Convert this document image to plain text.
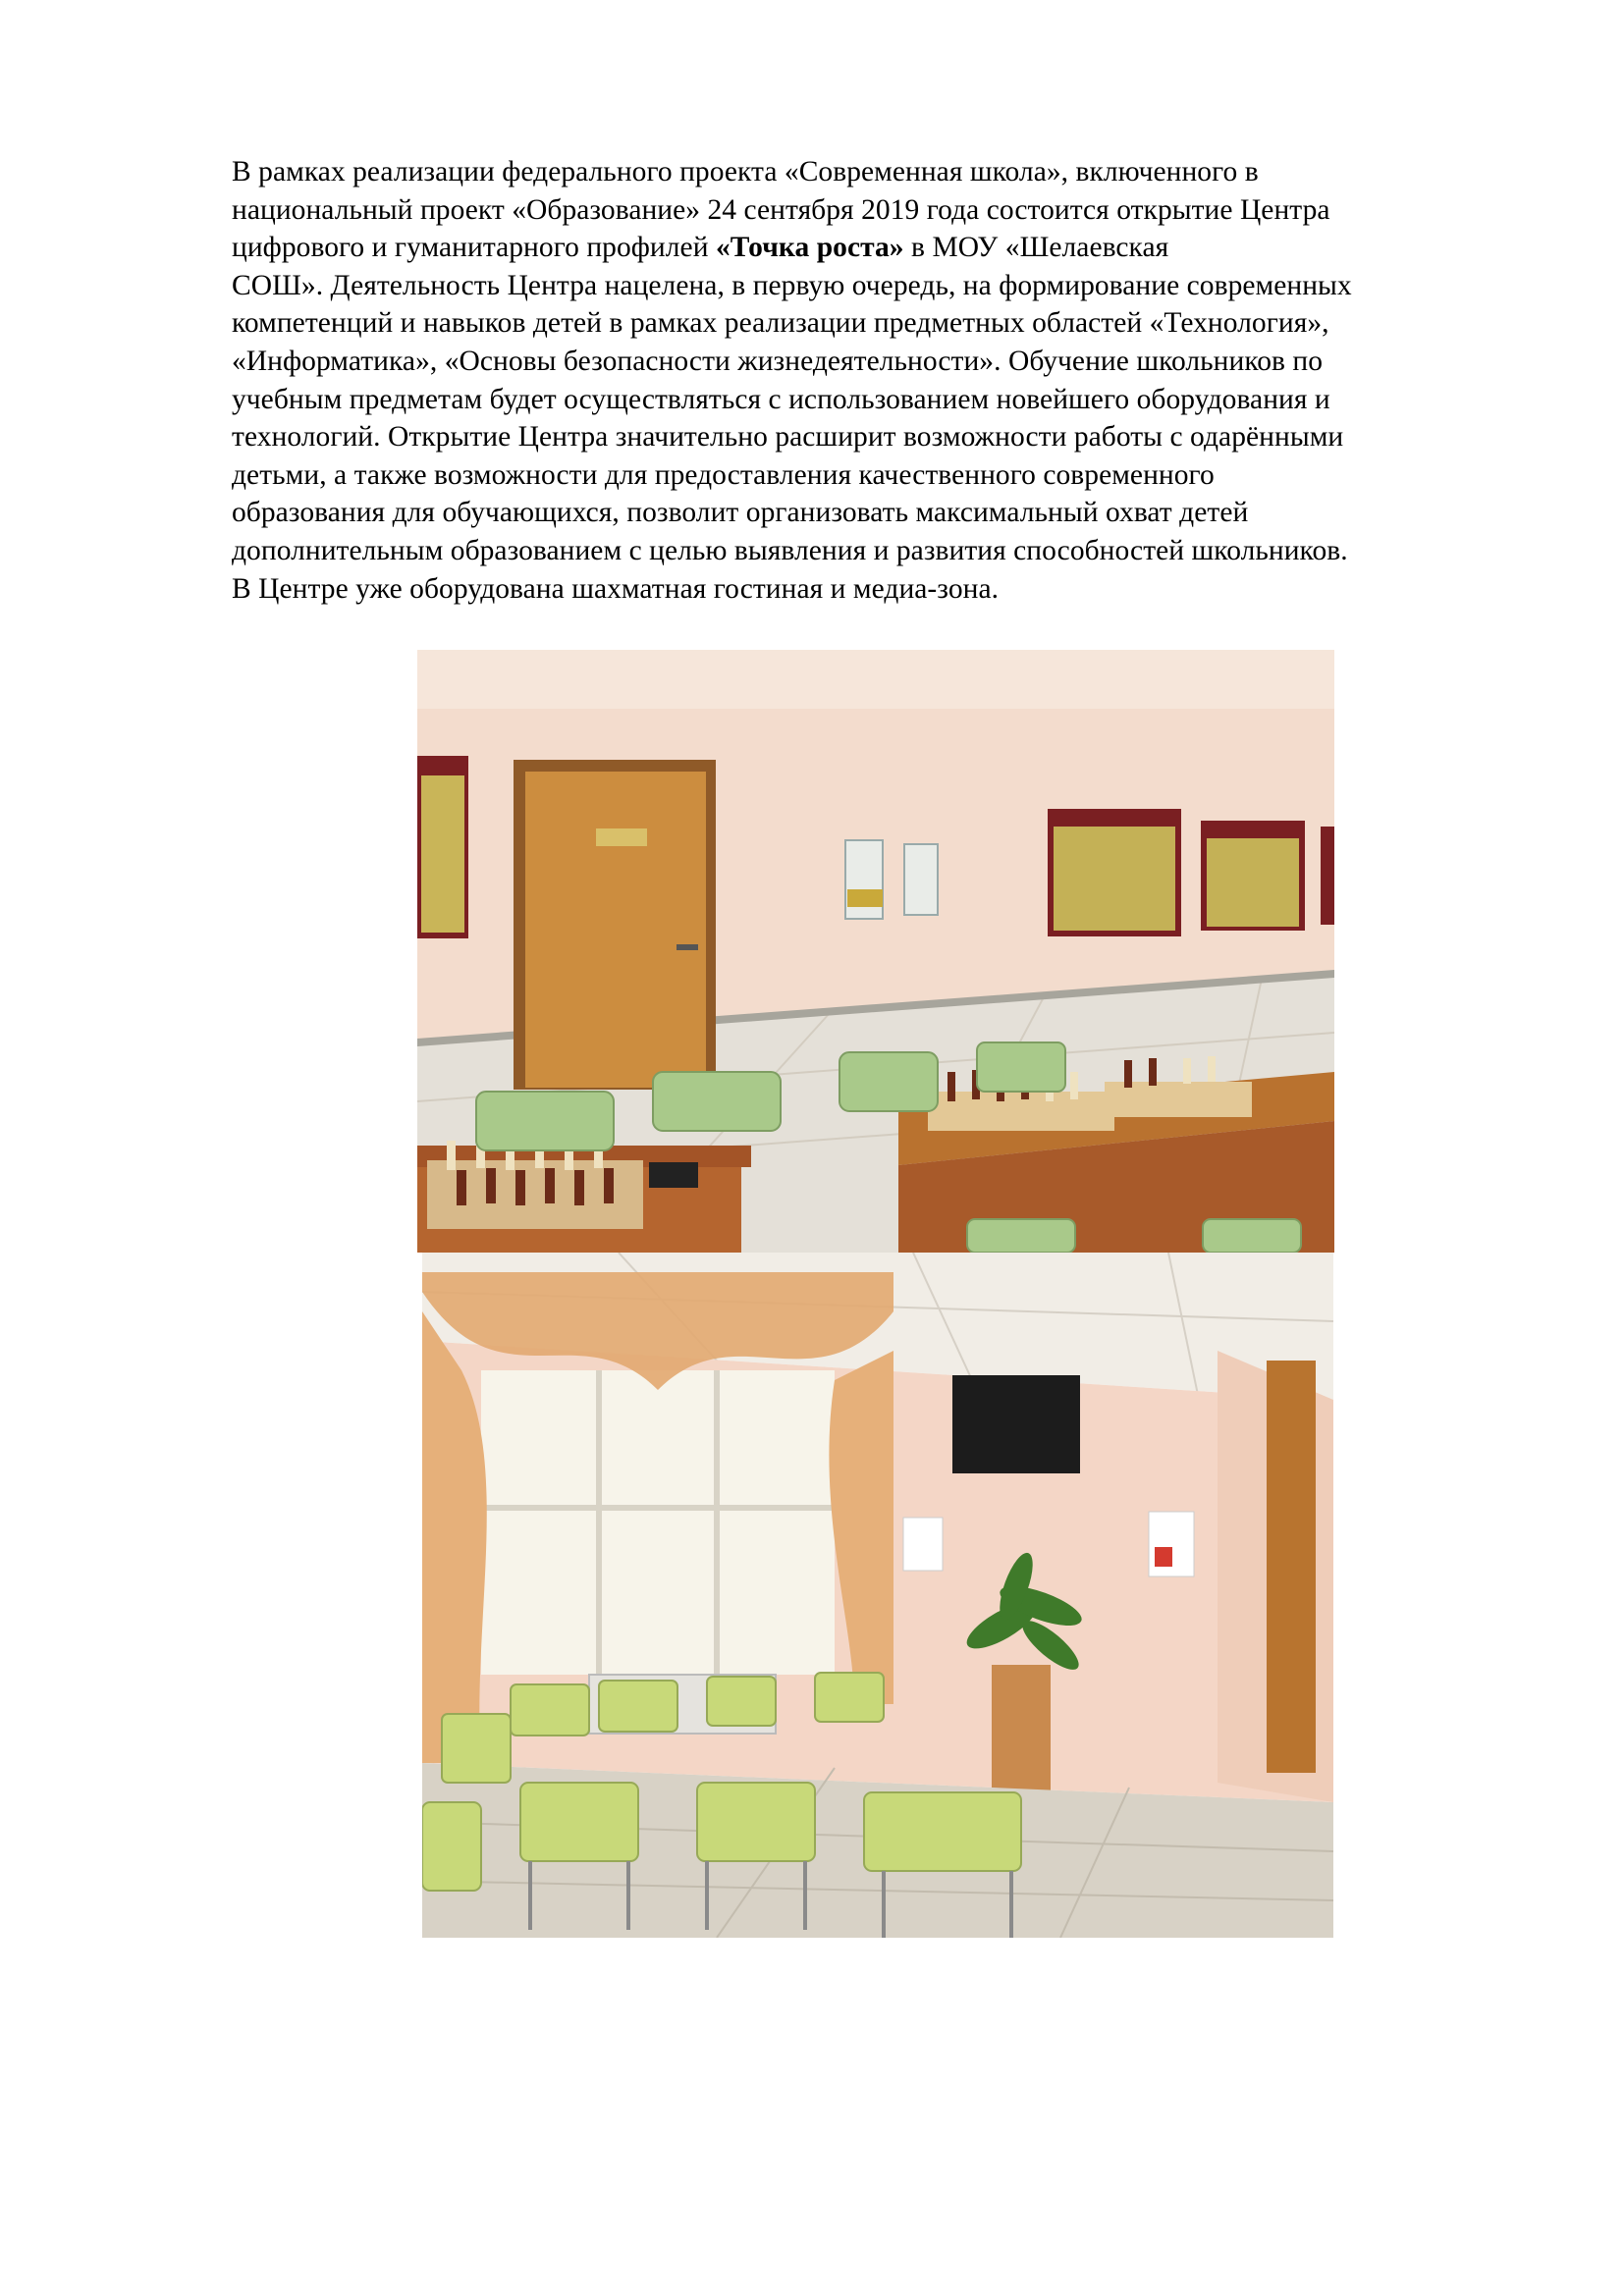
В рамках реализации федерального проекта «Современная школа», включенного в
национальный проект «Образование» 24 сентября 2019 года состоится открытие Центра
цифрового и гуманитарного профилей «Точка роста» в МОУ «Шелаевская
СОШ». Деятельность Центра нацелена, в первую очередь, на формирование современных
компетенций и навыков детей в рамках реализации предметных областей «Технология»,
«Информатика», «Основы безопасности жизнедеятельности». Обучение школьников по
учебным предметам будет осуществляться с использованием новейшего оборудования и
технологий. Открытие Центра значительно расширит возможности работы с одарёнными
детьми, а также возможности для предоставления качественного современного
образования для обучающихся, позволит организовать максимальный охват детей
дополнительным образованием с целью выявления и развития способностей школьников.
В Центре уже оборудована шахматная гостиная и медиа-зона.
